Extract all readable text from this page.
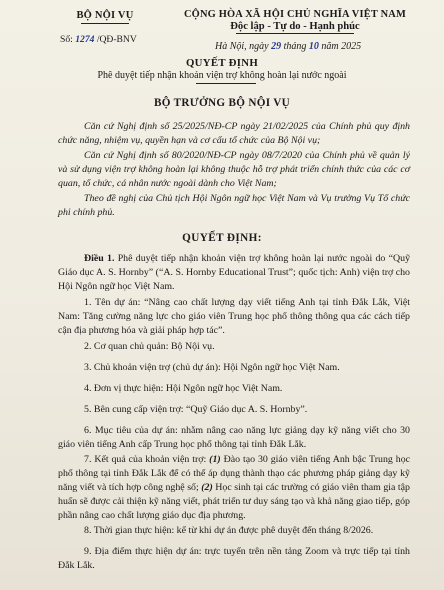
BỘ NỘI VỤ
Số: 1274 /QĐ-BNV
CỘNG HÒA XÃ HỘI CHỦ NGHĨA VIỆT NAM
Độc lập - Tự do - Hạnh phúc
Hà Nội, ngày 29 tháng 10 năm 2025
QUYẾT ĐỊNH
Phê duyệt tiếp nhận khoản viện trợ không hoàn lại nước ngoài
BỘ TRƯỞNG BỘ NỘI VỤ
Căn cứ Nghị định số 25/2025/NĐ-CP ngày 21/02/2025 của Chính phủ quy định chức năng, nhiệm vụ, quyền hạn và cơ cấu tổ chức của Bộ Nội vụ;
Căn cứ Nghị định số 80/2020/NĐ-CP ngày 08/7/2020 của Chính phủ về quản lý và sử dụng viện trợ không hoàn lại không thuộc hỗ trợ phát triển chính thức của các cơ quan, tổ chức, cá nhân nước ngoài dành cho Việt Nam;
Theo đề nghị của Chủ tịch Hội Ngôn ngữ học Việt Nam và Vụ trưởng Vụ Tổ chức phi chính phủ.
QUYẾT ĐỊNH:
Điều 1. Phê duyệt tiếp nhận khoản viện trợ không hoàn lại nước ngoài do “Quỹ Giáo dục A. S. Hornby” (“A. S. Hornby Educational Trust”; quốc tịch: Anh) viện trợ cho Hội Ngôn ngữ học Việt Nam.
1. Tên dự án: “Nâng cao chất lượng dạy viết tiếng Anh tại tỉnh Đắk Lắk, Việt Nam: Tăng cường năng lực cho giáo viên Trung học phổ thông thông qua các cách tiếp cận địa phương hóa và giải pháp hợp tác”.
2. Cơ quan chủ quản: Bộ Nội vụ.
3. Chủ khoản viện trợ (chủ dự án): Hội Ngôn ngữ học Việt Nam.
4. Đơn vị thực hiện: Hội Ngôn ngữ học Việt Nam.
5. Bên cung cấp viện trợ: “Quỹ Giáo dục A. S. Hornby”.
6. Mục tiêu của dự án: nhằm nâng cao năng lực giảng dạy kỹ năng viết cho 30 giáo viên tiếng Anh cấp Trung học phổ thông tại tỉnh Đắk Lắk.
7. Kết quả của khoản viện trợ: (1) Đào tạo 30 giáo viên tiếng Anh bậc Trung học phổ thông tại tỉnh Đắk Lắk để có thể áp dụng thành thạo các phương pháp giảng dạy kỹ năng viết và tích hợp công nghệ số; (2) Học sinh tại các trường có giáo viên tham gia tập huấn sẽ được cải thiện kỹ năng viết, phát triển tư duy sáng tạo và khả năng giao tiếp, góp phần nâng cao chất lượng giáo dục địa phương.
8. Thời gian thực hiện: kể từ khi dự án được phê duyệt đến tháng 8/2026.
9. Địa điểm thực hiện dự án: trực tuyến trên nền tảng Zoom và trực tiếp tại tỉnh Đắk Lắk.
